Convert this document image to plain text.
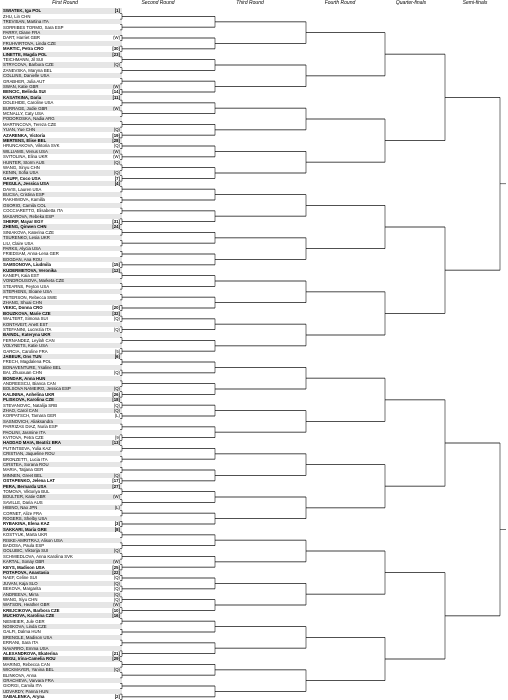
First Round	Second Round	Third Round	Fourth Round	Quarter-finals	Semi-finals
SWIATEK, Iga POL	[1]
ZHU, Lin CHN
TREVISAN, Martina ITA
SORRIBES TORMO, Sara ESP
PARRY, Diane FRA
DART, Harriet GBR	(W)
FRUHVIRTOVA, Linda CZE
MARTIC, Petra CRO	[30]
LINETTE, Magda POL	[23]
TEICHMANN, Jil SUI
STRYCOVA, Barbora CZE	(Q)
ZANEVSKA, Maryna BEL
COLLINS, Danielle USA
GRABHER, Julia AUT
SWAN, Katie GBR	(W)
BENCIC, Belinda SUI	[14]
KASATKINA, Daria	[11]
DOLEHIDE, Caroline USA
BURRAGE, Jodie GBR	(W)
MCNALLY, Caty USA
PODOROSKA, Nadia ARG
MARTINCOVA, Tereza CZE
YUAN, Yue CHN	(Q)
AZARENKA, Victoria	[19]
MERTENS, Elise BEL	[28]
HRUNCAKOVA, Viktoria SVK	(Q)
WILLIAMS, Venus USA	(W)
SVITOLINA, Elina UKR	(W)
HUNTER, Storm AUS	(Q)
WANG, Xinyu CHN
KENIN, Sofia USA	(Q)
GAUFF, Coco USA	[7]
PEGULA, Jessica USA	[4]
DAVIS, Lauren USA
BUCSA, Cristina ESP
RAKHIMOVA, Kamilla
OSORIO, Camila COL
COCCIARETTO, Elisabetta ITA
MASAROVA, Rebeka ESP
SHERIF, Mayar EGY	[31]
ZHENG, Qinwen CHN	[24]
SINIAKOVA, Katerina CZE
TSURENKO, Lesia UKR
LIU, Claire USA
PARKS, Alycia USA
FRIEDSAM, Anna-Lena GER
BOGDAN, Ana ROU
SAMSONOVA, Liudmila	[15]
KUDERMETOVA, Veronika	[12]
KANEPI, Kaia EST
VONDROUSOVA, Marketa CZE
STEARNS, Peyton USA
STEPHENS, Sloane USA
PETERSON, Rebecca SWE
ZHANG, Shuai CHN
VEKIC, Donna CRO	[20]
BOUZKOVA, Marie CZE	[32]
WALTERT, Simona SUI	(Q)
KONTAVEIT, Anett EST
STEFANINI, Lucrezia ITA	(Q)
BAINDL, Kateryna UKR
FERNANDEZ, Leylah CAN
VOLYNETS, Katie USA
GARCIA, Caroline FRA	[5]
JABEUR, Ons TUN	[6]
FRECH, Magdalena POL
BONAVENTURE, Ysaline BEL
BAI, Zhuoxuan CHN	(Q)
BONDAR, Anna HUN
ANDREESCU, Bianca CAN
BOLSOVA NAMEIRO, Jessica ESP	(Q)
KALININA, Anhelina UKR	[26]
PLISKOVA, Karolina CZE	[18]
STEVANOVIC, Natalija SRB	(Q)
ZHAO, Carol CAN	(Q)
KORPATSCH, Tamara GER	(L)
SASNOVICH, Aliaksandra
PARRIZAS DIAZ, Nuria ESP
PAOLINI, Jasmine ITA
KVITOVA, Petra CZE	[9]
HADDAD MAIA, Beatriz BRA	[13]
PUTINTSEVA, Yulia KAZ
CRISTIAN, Jaqueline ROU
BRONZETTI, Lucia ITA
CIRSTEA, Sorana ROU
MARIA, Tatjana GER
MINNEN, Greet BEL	(Q)
OSTAPENKO, Jelena LAT	[17]
PERA, Bernarda USA	[27]
TOMOVA, Viktoriya BUL
BOULTER, Katie GBR	(W)
SAVILLE, Daria AUS
HIBINO, Nao JPN	(L)
CORNET, Alize FRA
ROGERS, Shelby USA
RYBAKINA, Elena KAZ	[3]
SAKKARI, Maria GRE	[8]
KOSTYUK, Marta UKR
RISKE-AMRITRAJ, Alison USA
BADOSA, Paula ESP
GOLUBIC, Viktorija SUI	(Q)
SCHMIEDLOVA, Anna Karolina SVK
KARTAL, Sonay GBR	(W)
KEYS, Madison USA	[25]
POTAPOVA, Anastasia	[22]
NAEF, Celine SUI	(Q)
JUVAN, Kaja SLO	(Q)
BEKOVA, Margarita	(Q)
ANDREEVA, Mirra	(Q)
WANG, Xiyu CHN	(Q)
WATSON, Heather GBR	(W)
KREJCIKOVA, Barbora CZE	[10]
MUCHOVA, Karolina CZE	[16]
NIEMEIER, Jule GER
NOSKOVA, Linda CZE
GALFI, Dalma HUN
BRENGLE, Madison USA
ERRANI, Sara ITA
NAVARRO, Emma USA
ALEXANDROVA, Ekaterina	[21]
BEGU, Irina-Camelia ROU	[29]
MARINO, Rebecca CAN
WICKMAYER, Yanina BEL	(Q)
BLINKOVA, Anna
GRACHEVA, Varvara FRA
GIORGI, Camila ITA
UDVARDY, Panna HUN
SABALENKA, Aryna	[2]
